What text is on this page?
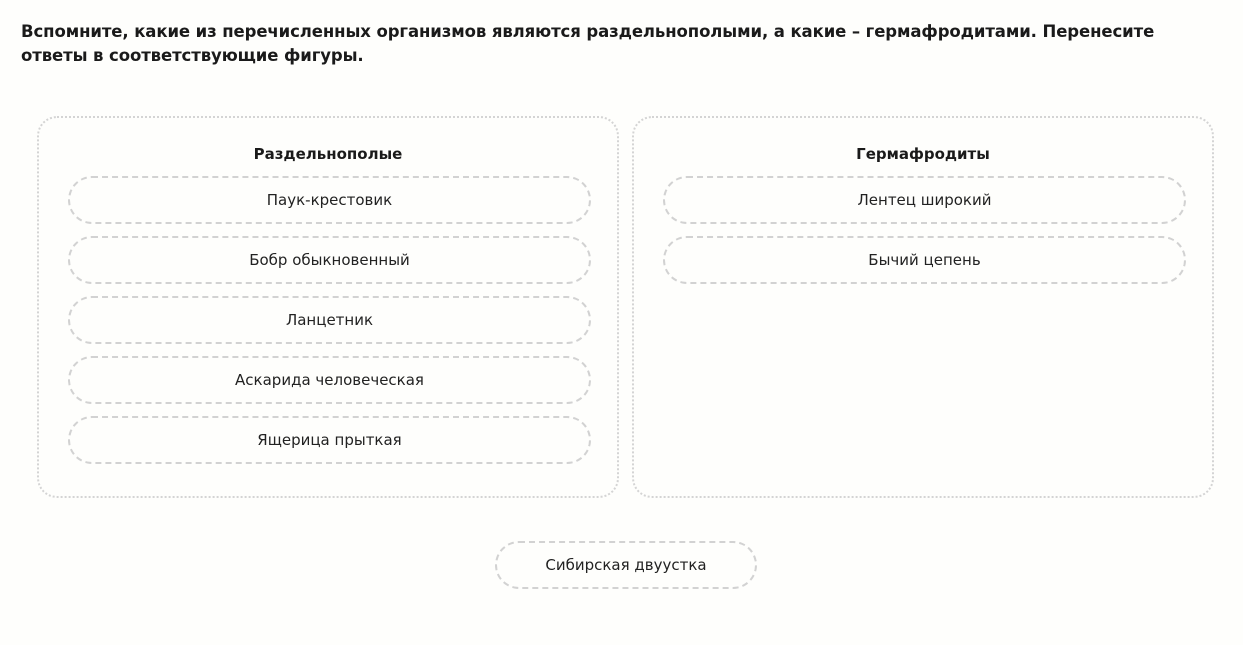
Вспомните, какие из перечисленных организмов являются раздельнополыми, а какие – гермафродитами. Перенесите ответы в соответствующие фигуры.

Раздельнополые
Паук-крестовик
Бобр обыкновенный
Ланцетник
Аскарида человеческая
Ящерица прыткая
Гермафродиты
Лентец широкий
Бычий цепень
Сибирская двуустка
